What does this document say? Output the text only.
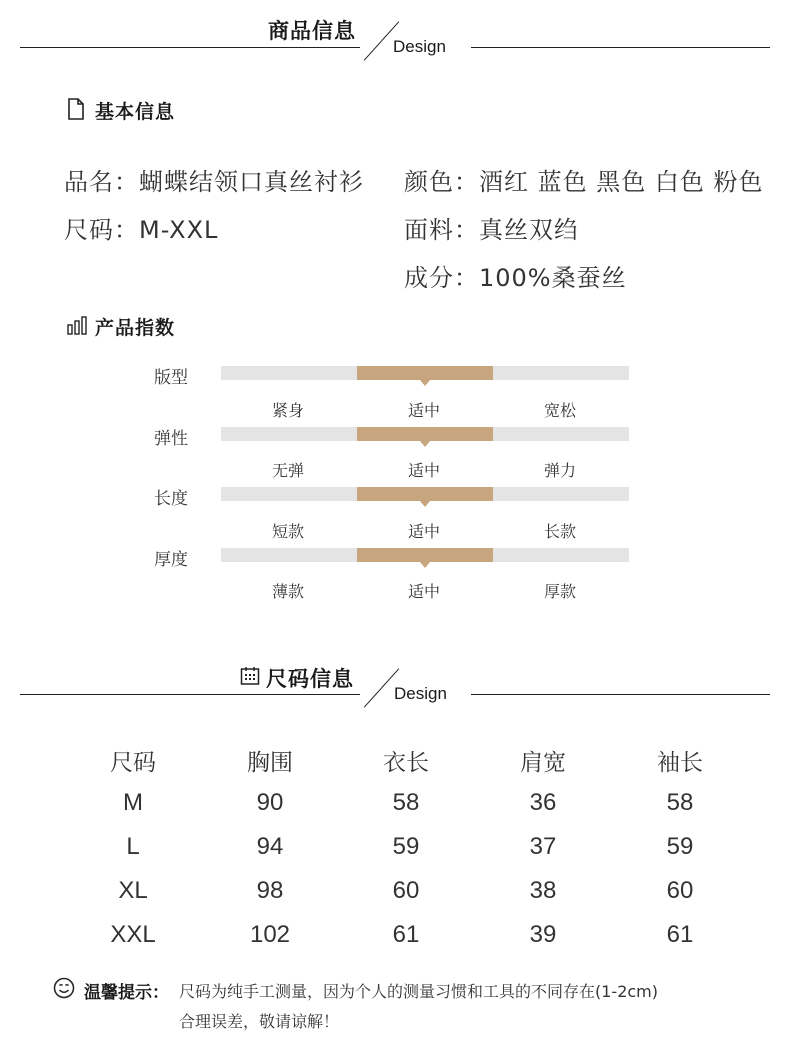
商品信息
Design
基本信息
品名：蝴蝶结领口真丝衬衫
尺码：M-XXL
颜色：酒红 蓝色 黑色 白色 粉色
面料：真丝双绉
成分：100%桑蚕丝
产品指数
版型
紧身	适中	宽松
弹性
无弹	适中	弹力
长度
短款	适中	长款
厚度
薄款	适中	厚款
尺码信息
Design
尺码	胸围	衣长	肩宽	袖长
M	90	58	36	58
L	94	59	37	59
XL	98	60	38	60
XXL	102	61	39	61
温馨提示： 尺码为纯手工测量，因为个人的测量习惯和工具的不同存在(1-2cm)
合理误差，敬请谅解！
